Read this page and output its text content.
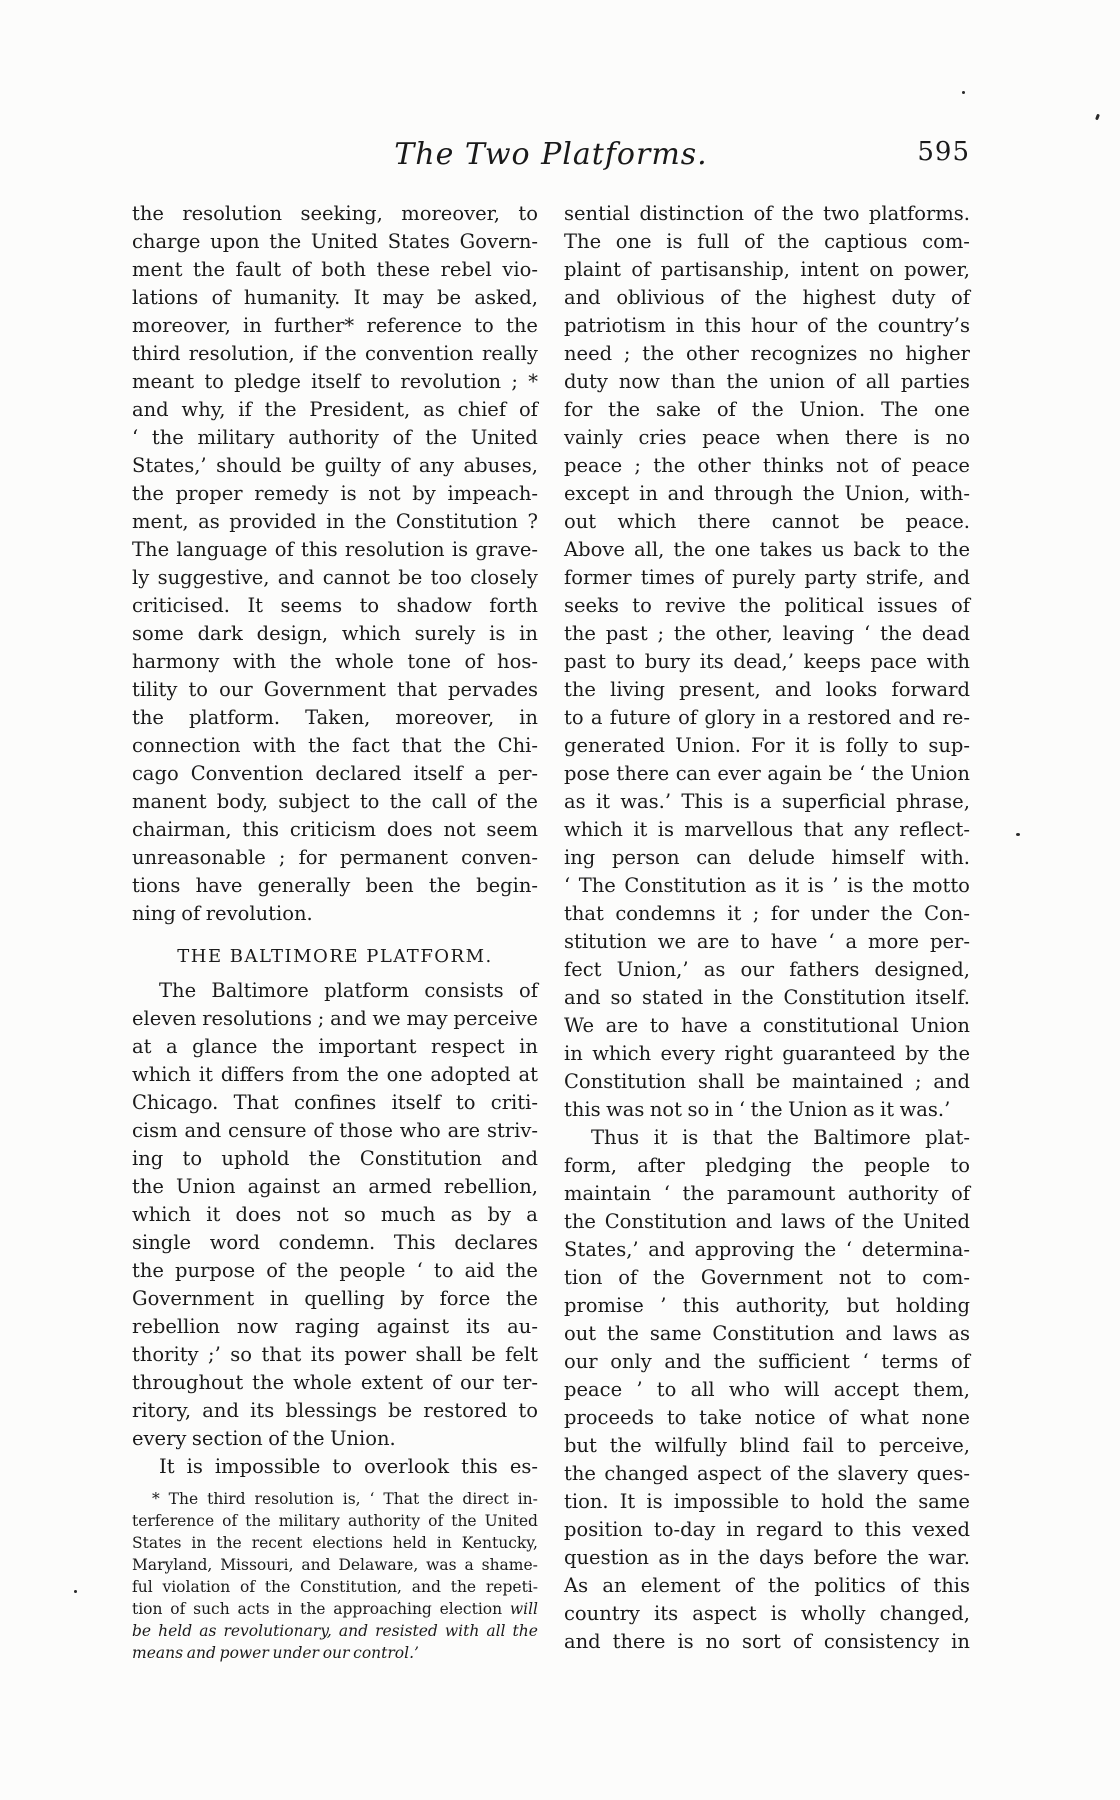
The Two Platforms.	595
the resolution seeking, moreover, to
charge upon the United States Govern-
ment the fault of both these rebel vio-
lations of humanity. It may be asked,
moreover, in further* reference to the
third resolution, if the convention really
meant to pledge itself to revolution ; *
and why, if the President, as chief of
‘ the military authority of the United
States,’ should be guilty of any abuses,
the proper remedy is not by impeach-
ment, as provided in the Constitution ?
The language of this resolution is grave-
ly suggestive, and cannot be too closely
criticised. It seems to shadow forth
some dark design, which surely is in
harmony with the whole tone of hos-
tility to our Government that pervades
the platform. Taken, moreover, in
connection with the fact that the Chi-
cago Convention declared itself a per-
manent body, subject to the call of the
chairman, this criticism does not seem
unreasonable ; for permanent conven-
tions have generally been the begin-
ning of revolution.
THE BALTIMORE PLATFORM.
The Baltimore platform consists of
eleven resolutions ; and we may perceive
at a glance the important respect in
which it differs from the one adopted at
Chicago. That confines itself to criti-
cism and censure of those who are striv-
ing to uphold the Constitution and
the Union against an armed rebellion,
which it does not so much as by a
single word condemn. This declares
the purpose of the people ‘ to aid the
Government in quelling by force the
rebellion now raging against its au-
thority ;’ so that its power shall be felt
throughout the whole extent of our ter-
ritory, and its blessings be restored to
every section of the Union.
It is impossible to overlook this es-
* The third resolution is, ‘ That the direct in-
terference of the military authority of the United
States in the recent elections held in Kentucky,
Maryland, Missouri, and Delaware, was a shame-
ful violation of the Constitution, and the repeti-
tion of such acts in the approaching election will
be held as revolutionary, and resisted with all the
means and power under our control.’
sential distinction of the two platforms.
The one is full of the captious com-
plaint of partisanship, intent on power,
and oblivious of the highest duty of
patriotism in this hour of the country’s
need ; the other recognizes no higher
duty now than the union of all parties
for the sake of the Union. The one
vainly cries peace when there is no
peace ; the other thinks not of peace
except in and through the Union, with-
out which there cannot be peace.
Above all, the one takes us back to the
former times of purely party strife, and
seeks to revive the political issues of
the past ; the other, leaving ‘ the dead
past to bury its dead,’ keeps pace with
the living present, and looks forward
to a future of glory in a restored and re-
generated Union. For it is folly to sup-
pose there can ever again be ‘ the Union
as it was.’ This is a superficial phrase,
which it is marvellous that any reflect-
ing person can delude himself with.
‘ The Constitution as it is ’ is the motto
that condemns it ; for under the Con-
stitution we are to have ‘ a more per-
fect Union,’ as our fathers designed,
and so stated in the Constitution itself.
We are to have a constitutional Union
in which every right guaranteed by the
Constitution shall be maintained ; and
this was not so in ‘ the Union as it was.’
Thus it is that the Baltimore plat-
form, after pledging the people to
maintain ‘ the paramount authority of
the Constitution and laws of the United
States,’ and approving the ‘ determina-
tion of the Government not to com-
promise ’ this authority, but holding
out the same Constitution and laws as
our only and the sufficient ‘ terms of
peace ’ to all who will accept them,
proceeds to take notice of what none
but the wilfully blind fail to perceive,
the changed aspect of the slavery ques-
tion. It is impossible to hold the same
position to-day in regard to this vexed
question as in the days before the war.
As an element of the politics of this
country its aspect is wholly changed,
and there is no sort of consistency in
